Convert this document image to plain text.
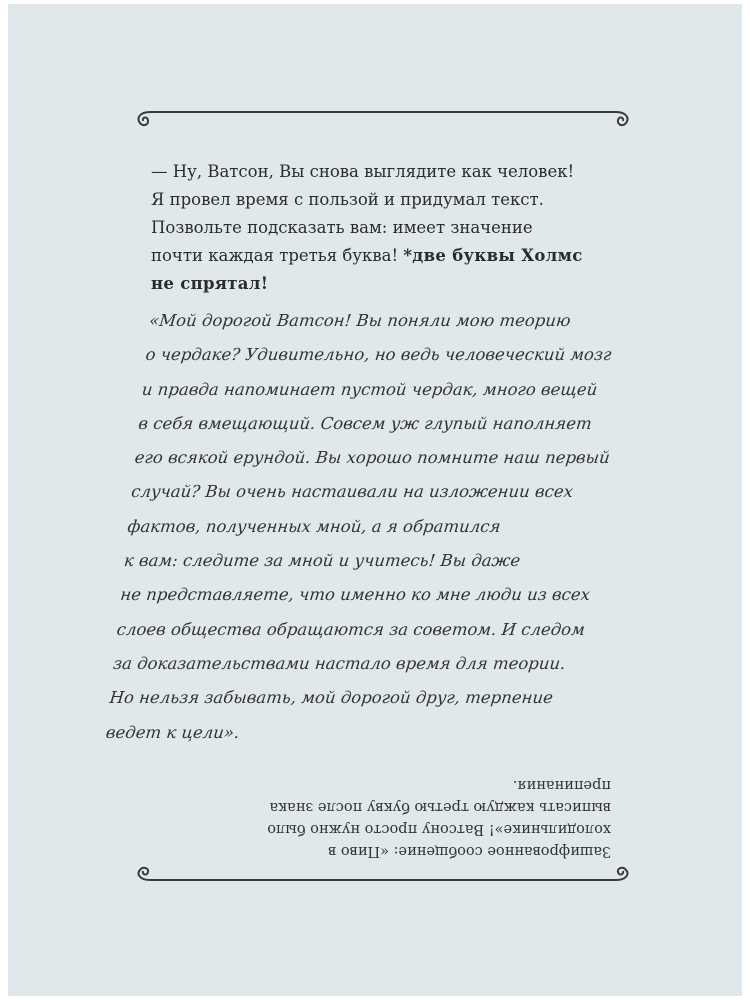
— Ну, Ватсон, Вы снова выглядите как человек!
Я провел время с пользой и придумал текст.
Позвольте подсказать вам: имеет значение
почти каждая третья буква! *две буквы Холмс
не спрятал!
«Мой дорогой Ватсон! Вы поняли мою теорию
о чердаке? Удивительно, но ведь человеческий мозг
и правда напоминает пустой чердак, много вещей
в себя вмещающий. Совсем уж глупый наполняет
его всякой ерундой. Вы хорошо помните наш первый
случай? Вы очень настаивали на изложении всех
фактов, полученных мной, а я обратился
к вам: следите за мной и учитесь! Вы даже
не представляете, что именно ко мне люди из всех
слоев общества обращаются за советом. И следом
за доказательствами настало время для теории.
Но нельзя забывать, мой дорогой друг, терпение
ведет к цели».
Зашифрованное сообщение: «Пиво в
холодильнике»! Ватсону просто нужно было
выписать каждую третью букву после знака
препинания.
